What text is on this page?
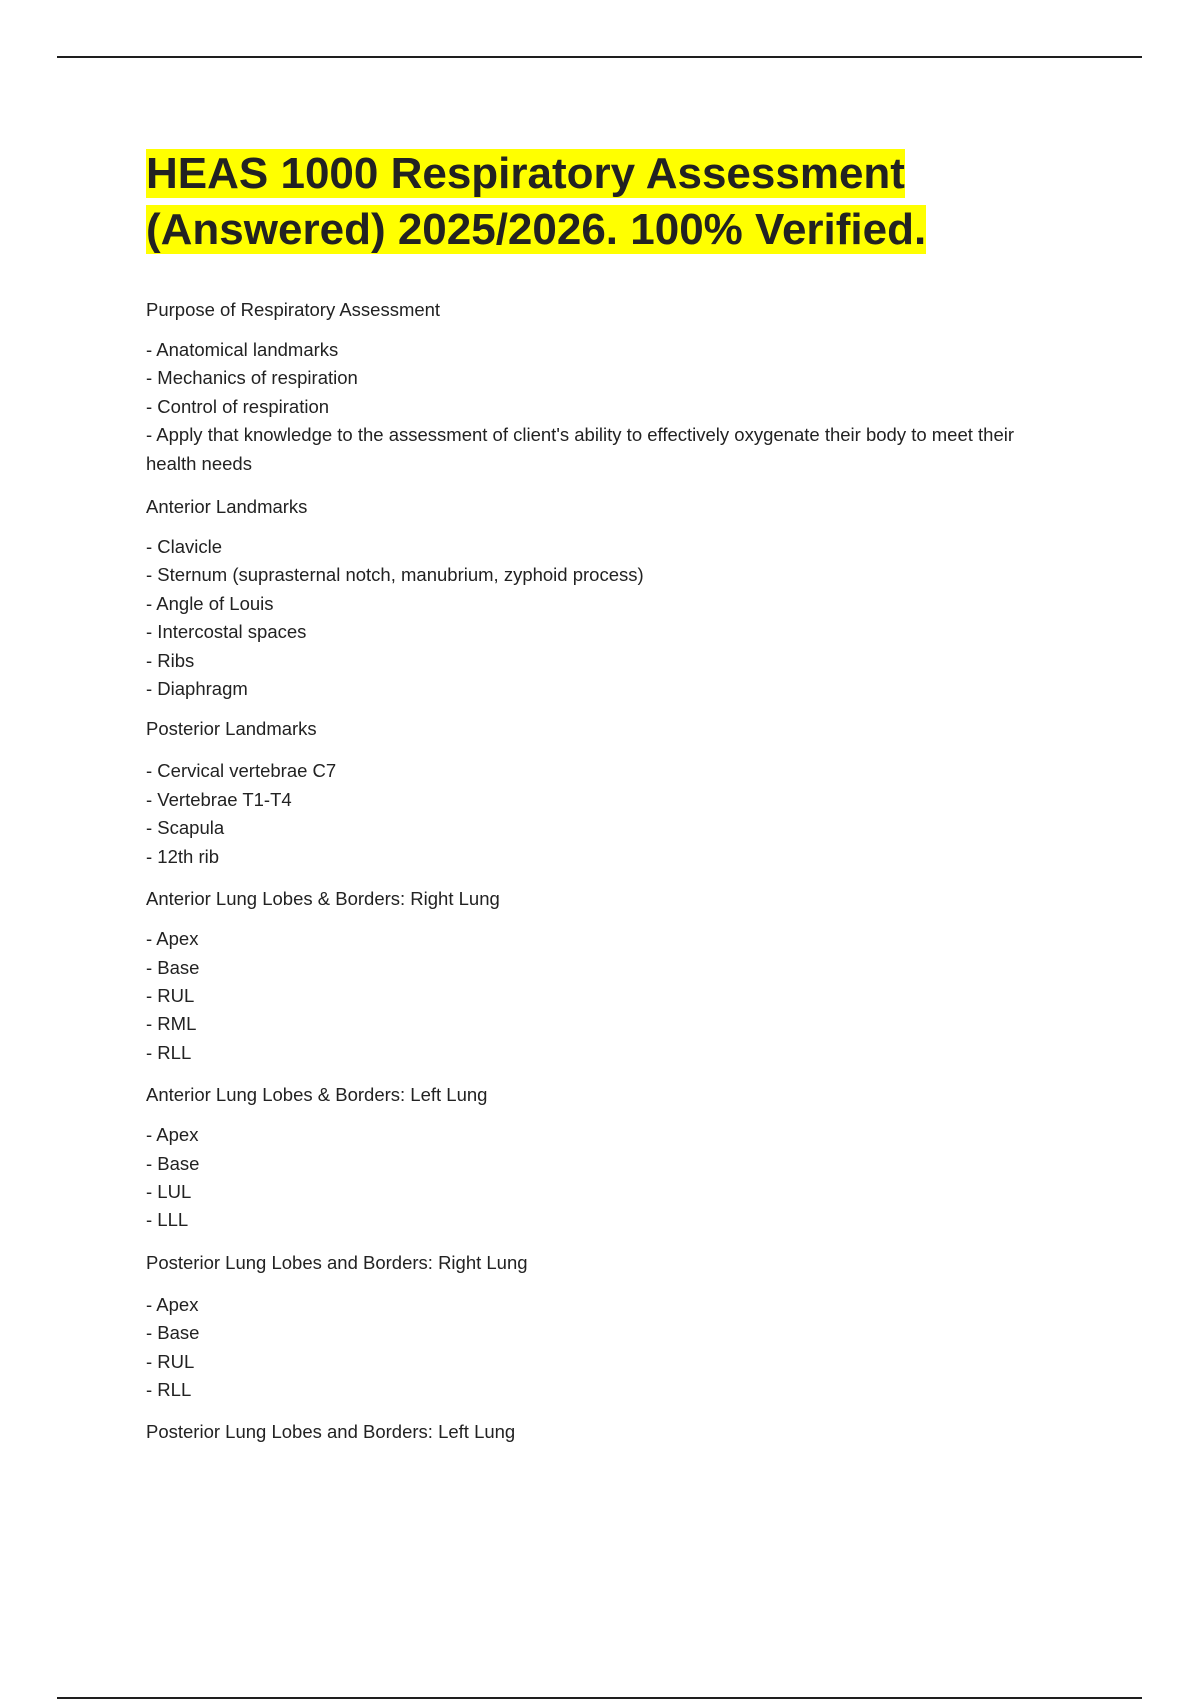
HEAS 1000 Respiratory Assessment (Answered) 2025/2026. 100% Verified.

Purpose of Respiratory Assessment

- Anatomical landmarks
- Mechanics of respiration
- Control of respiration
- Apply that knowledge to the assessment of client's ability to effectively oxygenate their body to meet their health needs

Anterior Landmarks

- Clavicle
- Sternum (suprasternal notch, manubrium, zyphoid process)
- Angle of Louis
- Intercostal spaces
- Ribs
- Diaphragm

Posterior Landmarks

- Cervical vertebrae C7
- Vertebrae T1-T4
- Scapula
- 12th rib

Anterior Lung Lobes & Borders: Right Lung

- Apex
- Base
- RUL
- RML
- RLL

Anterior Lung Lobes & Borders: Left Lung

- Apex
- Base
- LUL
- LLL

Posterior Lung Lobes and Borders: Right Lung

- Apex
- Base
- RUL
- RLL

Posterior Lung Lobes and Borders: Left Lung
